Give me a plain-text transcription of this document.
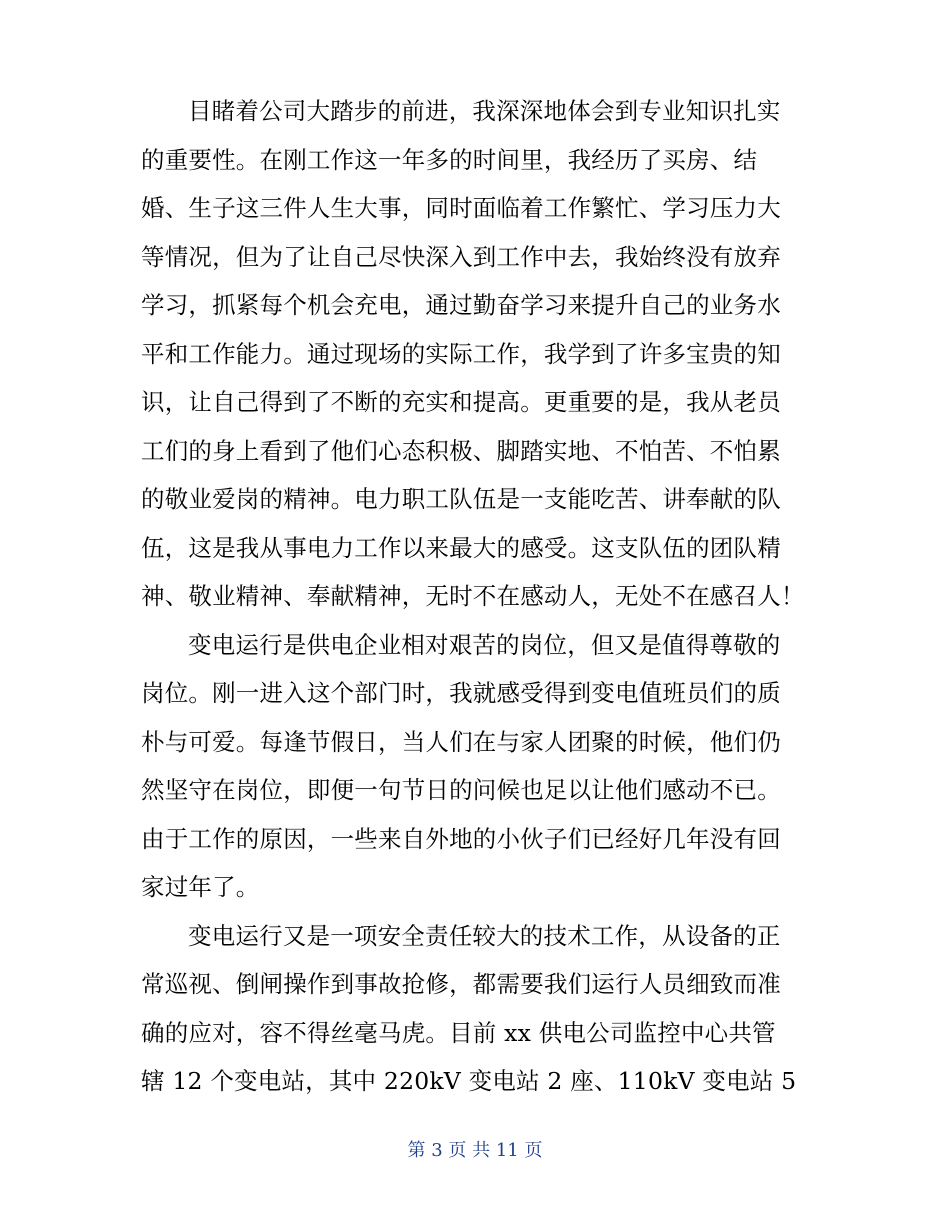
目睹着公司大踏步的前进，我深深地体会到专业知识扎实
的重要性。在刚工作这一年多的时间里，我经历了买房、结
婚、生子这三件人生大事，同时面临着工作繁忙、学习压力大
等情况，但为了让自己尽快深入到工作中去，我始终没有放弃
学习，抓紧每个机会充电，通过勤奋学习来提升自己的业务水
平和工作能力。通过现场的实际工作，我学到了许多宝贵的知
识，让自己得到了不断的充实和提高。更重要的是，我从老员
工们的身上看到了他们心态积极、脚踏实地、不怕苦、不怕累
的敬业爱岗的精神。电力职工队伍是一支能吃苦、讲奉献的队
伍，这是我从事电力工作以来最大的感受。这支队伍的团队精
神、敬业精神、奉献精神，无时不在感动人，无处不在感召人！
变电运行是供电企业相对艰苦的岗位，但又是值得尊敬的
岗位。刚一进入这个部门时，我就感受得到变电值班员们的质
朴与可爱。每逢节假日，当人们在与家人团聚的时候，他们仍
然坚守在岗位，即便一句节日的问候也足以让他们感动不已。
由于工作的原因，一些来自外地的小伙子们已经好几年没有回
家过年了。
变电运行又是一项安全责任较大的技术工作，从设备的正
常巡视、倒闸操作到事故抢修，都需要我们运行人员细致而准
确的应对，容不得丝毫马虎。目前 xx 供电公司监控中心共管
辖 12 个变电站，其中 220kV 变电站 2 座、110kV 变电站 5
第 3 页 共 11 页
